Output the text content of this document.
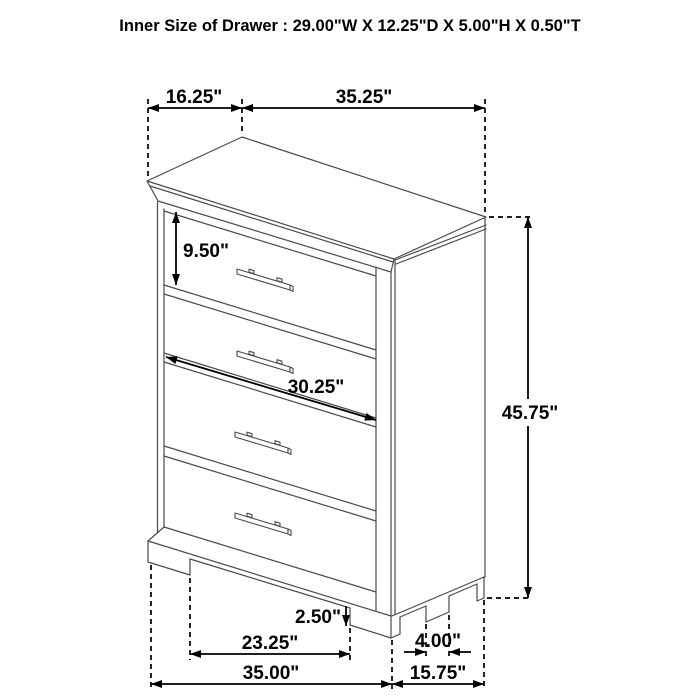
Inner Size of Drawer : 29.00"W X 12.25"D X 5.00"H X 0.50"T
16.25"	35.25"
9.50"
30.25"
45.75"
2.50"
23.25"	4.00"
35.00"	15.75"
